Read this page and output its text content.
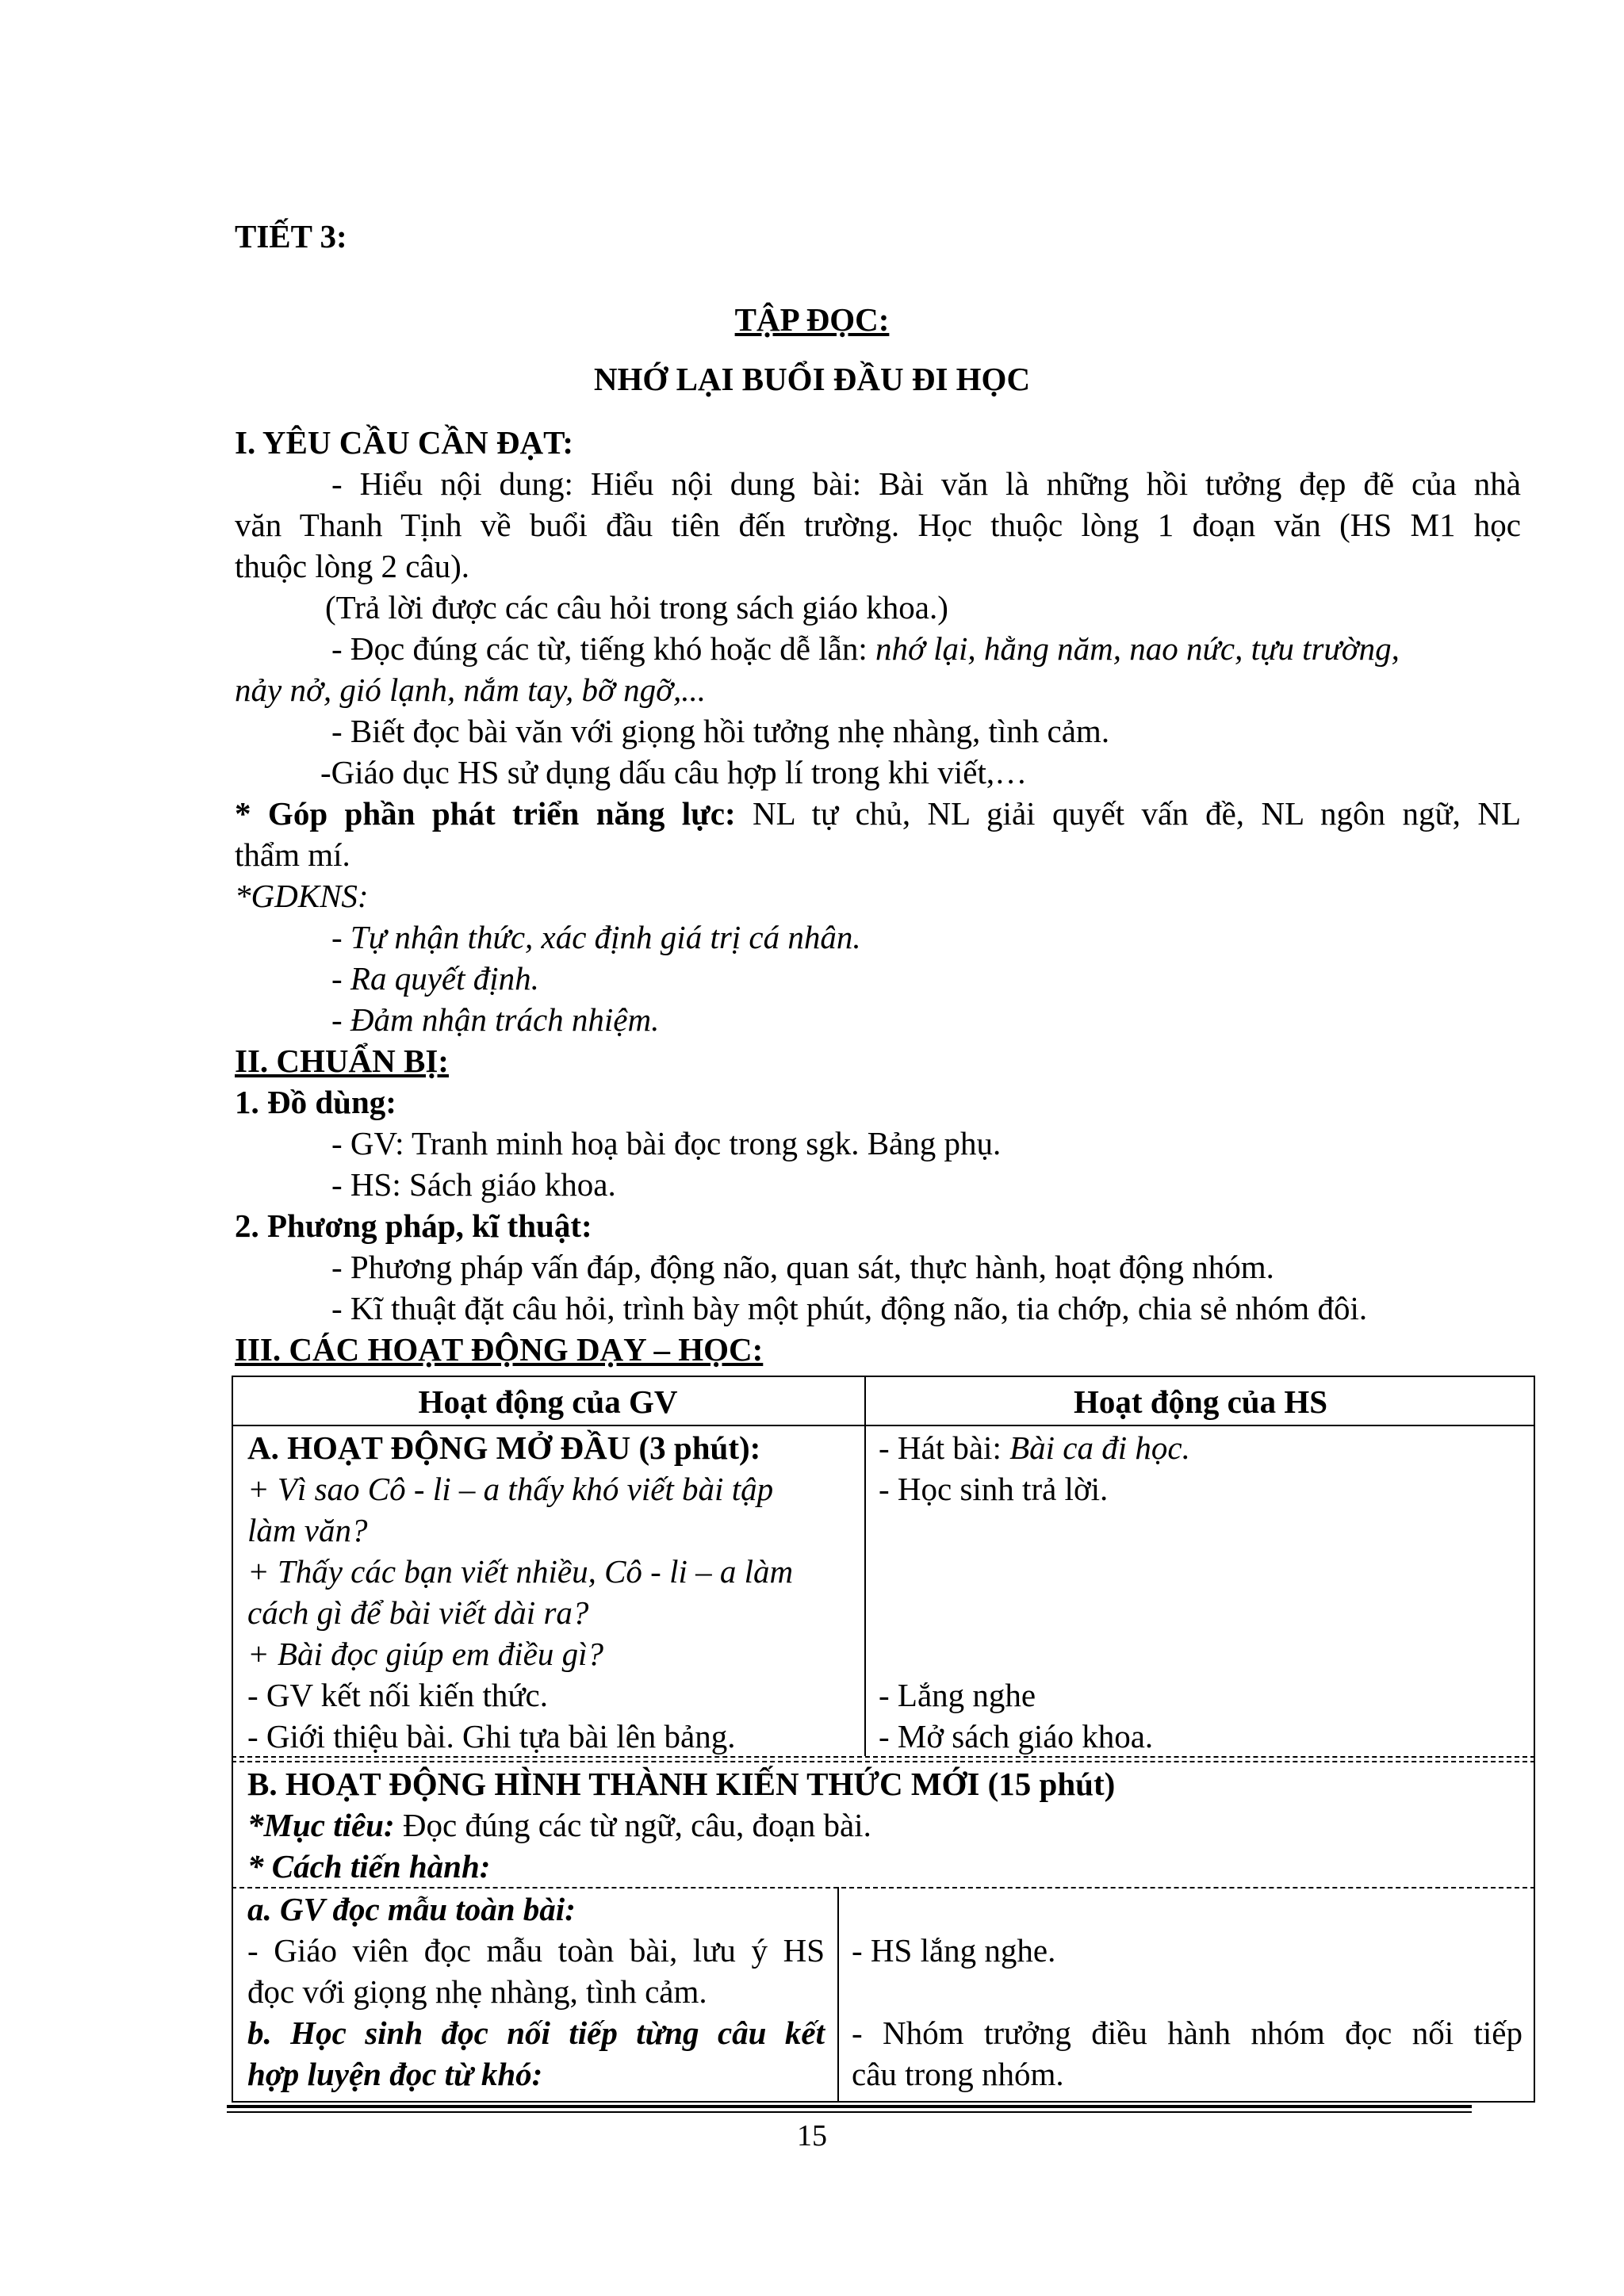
TIẾT 3:
TẬP ĐỌC:
NHỚ LẠI BUỔI ĐẦU ĐI HỌC
I. YÊU CẦU CẦN ĐẠT:
- Hiểu nội dung: Hiểu nội dung bài: Bài văn là những hồi tưởng đẹp đẽ của nhà
văn Thanh Tịnh về buổi đầu tiên đến trường. Học thuộc lòng 1 đoạn văn (HS M1 học
thuộc lòng 2 câu).
(Trả lời được các câu hỏi trong sách giáo khoa.)
- Đọc đúng các từ, tiếng khó hoặc dễ lẫn: nhớ lại, hằng năm, nao nức, tựu trường,
nảy nở, gió lạnh, nắm tay, bỡ ngỡ,...
- Biết đọc bài văn với giọng hồi tưởng nhẹ nhàng, tình cảm.
-Giáo dục HS sử dụng dấu câu hợp lí trong khi viết,…
* Góp phần phát triển năng lực: NL tự chủ, NL giải quyết vấn đề, NL ngôn ngữ, NL
thẩm mí.
*GDKNS:
- Tự nhận thức, xác định giá trị cá nhân.
- Ra quyết định.
- Đảm nhận trách nhiệm.
II. CHUẨN BỊ:
1. Đồ dùng:
- GV: Tranh minh hoạ bài đọc trong sgk. Bảng phụ.
- HS: Sách giáo khoa.
2. Phương pháp, kĩ thuật:
- Phương pháp vấn đáp, động não, quan sát, thực hành, hoạt động nhóm.
- Kĩ thuật đặt câu hỏi, trình bày một phút, động não, tia chớp, chia sẻ nhóm đôi.
III. CÁC HOẠT ĐỘNG DẠY – HỌC:
Hoạt động của GV	Hoạt động của HS
A. HOẠT ĐỘNG MỞ ĐẦU (3 phút):
+ Vì sao Cô - li – a thấy khó viết bài tập
làm văn?
+ Thấy các bạn viết nhiều, Cô - li – a làm
cách gì để bài viết dài ra?
+ Bài đọc giúp em điều gì?
- GV kết nối kiến thức.
- Giới thiệu bài. Ghi tựa bài lên bảng.
- Hát bài: Bài ca đi học.
- Học sinh trả lời.
- Lắng nghe
- Mở sách giáo khoa.
B. HOẠT ĐỘNG HÌNH THÀNH KIẾN THỨC MỚI (15 phút)
*Mục tiêu: Đọc đúng các từ ngữ, câu, đoạn bài.
* Cách tiến hành:
a. GV đọc mẫu toàn bài:
- Giáo viên đọc mẫu toàn bài, lưu ý HS
đọc với giọng nhẹ nhàng, tình cảm.
b. Học sinh đọc nối tiếp từng câu kết
hợp luyện đọc từ khó:
- HS lắng nghe.
- Nhóm trưởng điều hành nhóm đọc nối tiếp
câu trong nhóm.
15
